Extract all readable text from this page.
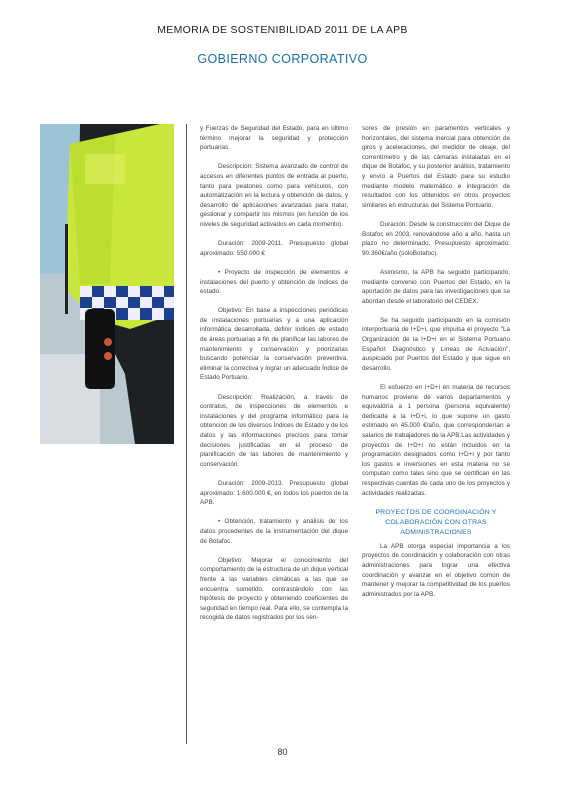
MEMORIA DE SOSTENIBILIDAD 2011 DE LA APB
GOBIERNO CORPORATIVO

y Fuerzas de Seguridad del Estado, para en último término mejorar la seguridad y protección portuarias.

Descripción: Sistema avanzado de control de accesos en diferentes puntos de entrada al puerto, tanto para peatones como para vehículos, con automatización en la lectura y obtención de datos, y desarrollo de aplicaciones avanzadas para tratar, gestionar y compartir los mismos (en función de los niveles de seguridad activados en cada momento).

Duración: 2009-2011. Presupuesto global aproximado: 550.000 €

• Proyecto de inspección de elementos e instalaciones del puerto y obtención de índices de estado.

Objetivo: En base a inspecciones periódicas de instalaciones portuarias y a una aplicación informática desarrollada, definir índices de estado de áreas portuarias a fin de planificar las labores de mantenimiento y conservación y priorizarlas buscando potenciar la conservación preventiva, eliminar la correctiva y lograr un adecuado Índice de Estado Portuario.

Descripción: Realización, a través de contratos, de inspecciones de elementos e instalaciones y del programa informático para la obtención de los diversos Índices de Estado y de los datos y las informaciones precisos para tomar decisiones justificadas en el proceso de planificación de las labores de mantenimiento y conservación.

Duración: 2009-2013. Presupuesto global aproximado: 1.600.000 €, en todos los puertos de la APB.

• Obtención, tratamiento y análisis de los datos procedentes de la instrumentación del dique de Botafoc.

Objetivo: Mejorar el conocimiento del comportamiento de la estructura de un dique vertical frente a las variables climáticas a las que se encuentra sometido, contrastándolo con las hipótesis de proyecto y obteniendo coeficientes de seguridad en tiempo real. Para ello, se contempla la recogida de datos registrados por los sen-

sores de presión en paramentos verticales y horizontales, del sistema inercial para obtención de giros y aceleraciones, del medidor de oleaje, del correntímetro y de las cámaras instaladas en el dique de Botafoc, y su posterior análisis, tratamiento y envío a Puertos del Estado para su estudio mediante modelo matemático e integración de resultados con los obtenidos en otros proyectos similares en estructuras del Sistema Portuario.

Duración: Desde la construcción del Dique de Botafoc en 2003, renovándose año a año, hasta un plazo no determinado. Presupuesto aproximado: 90.360€/año (sóloBotafoc).

Asimismo, la APB ha seguido participando, mediante convenio con Puertos del Estado, en la aportación de datos para las investigaciones que se abordan desde el laboratorio del CEDEX.

Se ha seguido participando en la comisión interportuaria de I+D+i, que impulsa el proyecto "La Organización de la I+D+i en el Sistema Portuario Español: Diagnóstico y Líneas de Actuación", auspiciado por Puertos del Estado y que sigue en desarrollo.

El esfuerzo en I+D+i en materia de recursos humanos proviene de varios departamentos y equivaldría a 1 persona (persona equivalente) dedicada a la I+D+i, lo que supone un gasto estimado en 45.000 €/año, que corresponderían a salarios de trabajadores de la APB.Las actividades y proyectos de I+D+i no están incluidos en la programación designados como I+D+i y por tanto los gastos e inversiones en esta materia no se computan como tales sino que se certifican en las respectivas cuentas de cada uno de los proyectos y actividades realizadas.

PROYECTOS DE COORDINACIÓN Y COLABORACIÓN CON OTRAS ADMINISTRACIONES

La APB otorga especial importancia a los proyectos de coordinación y colaboración con otras administraciones para lograr una efectiva coordinación y avanzar en el objetivo común de mantener y mejorar la competitividad de los puertos administrados por la APB.

80
